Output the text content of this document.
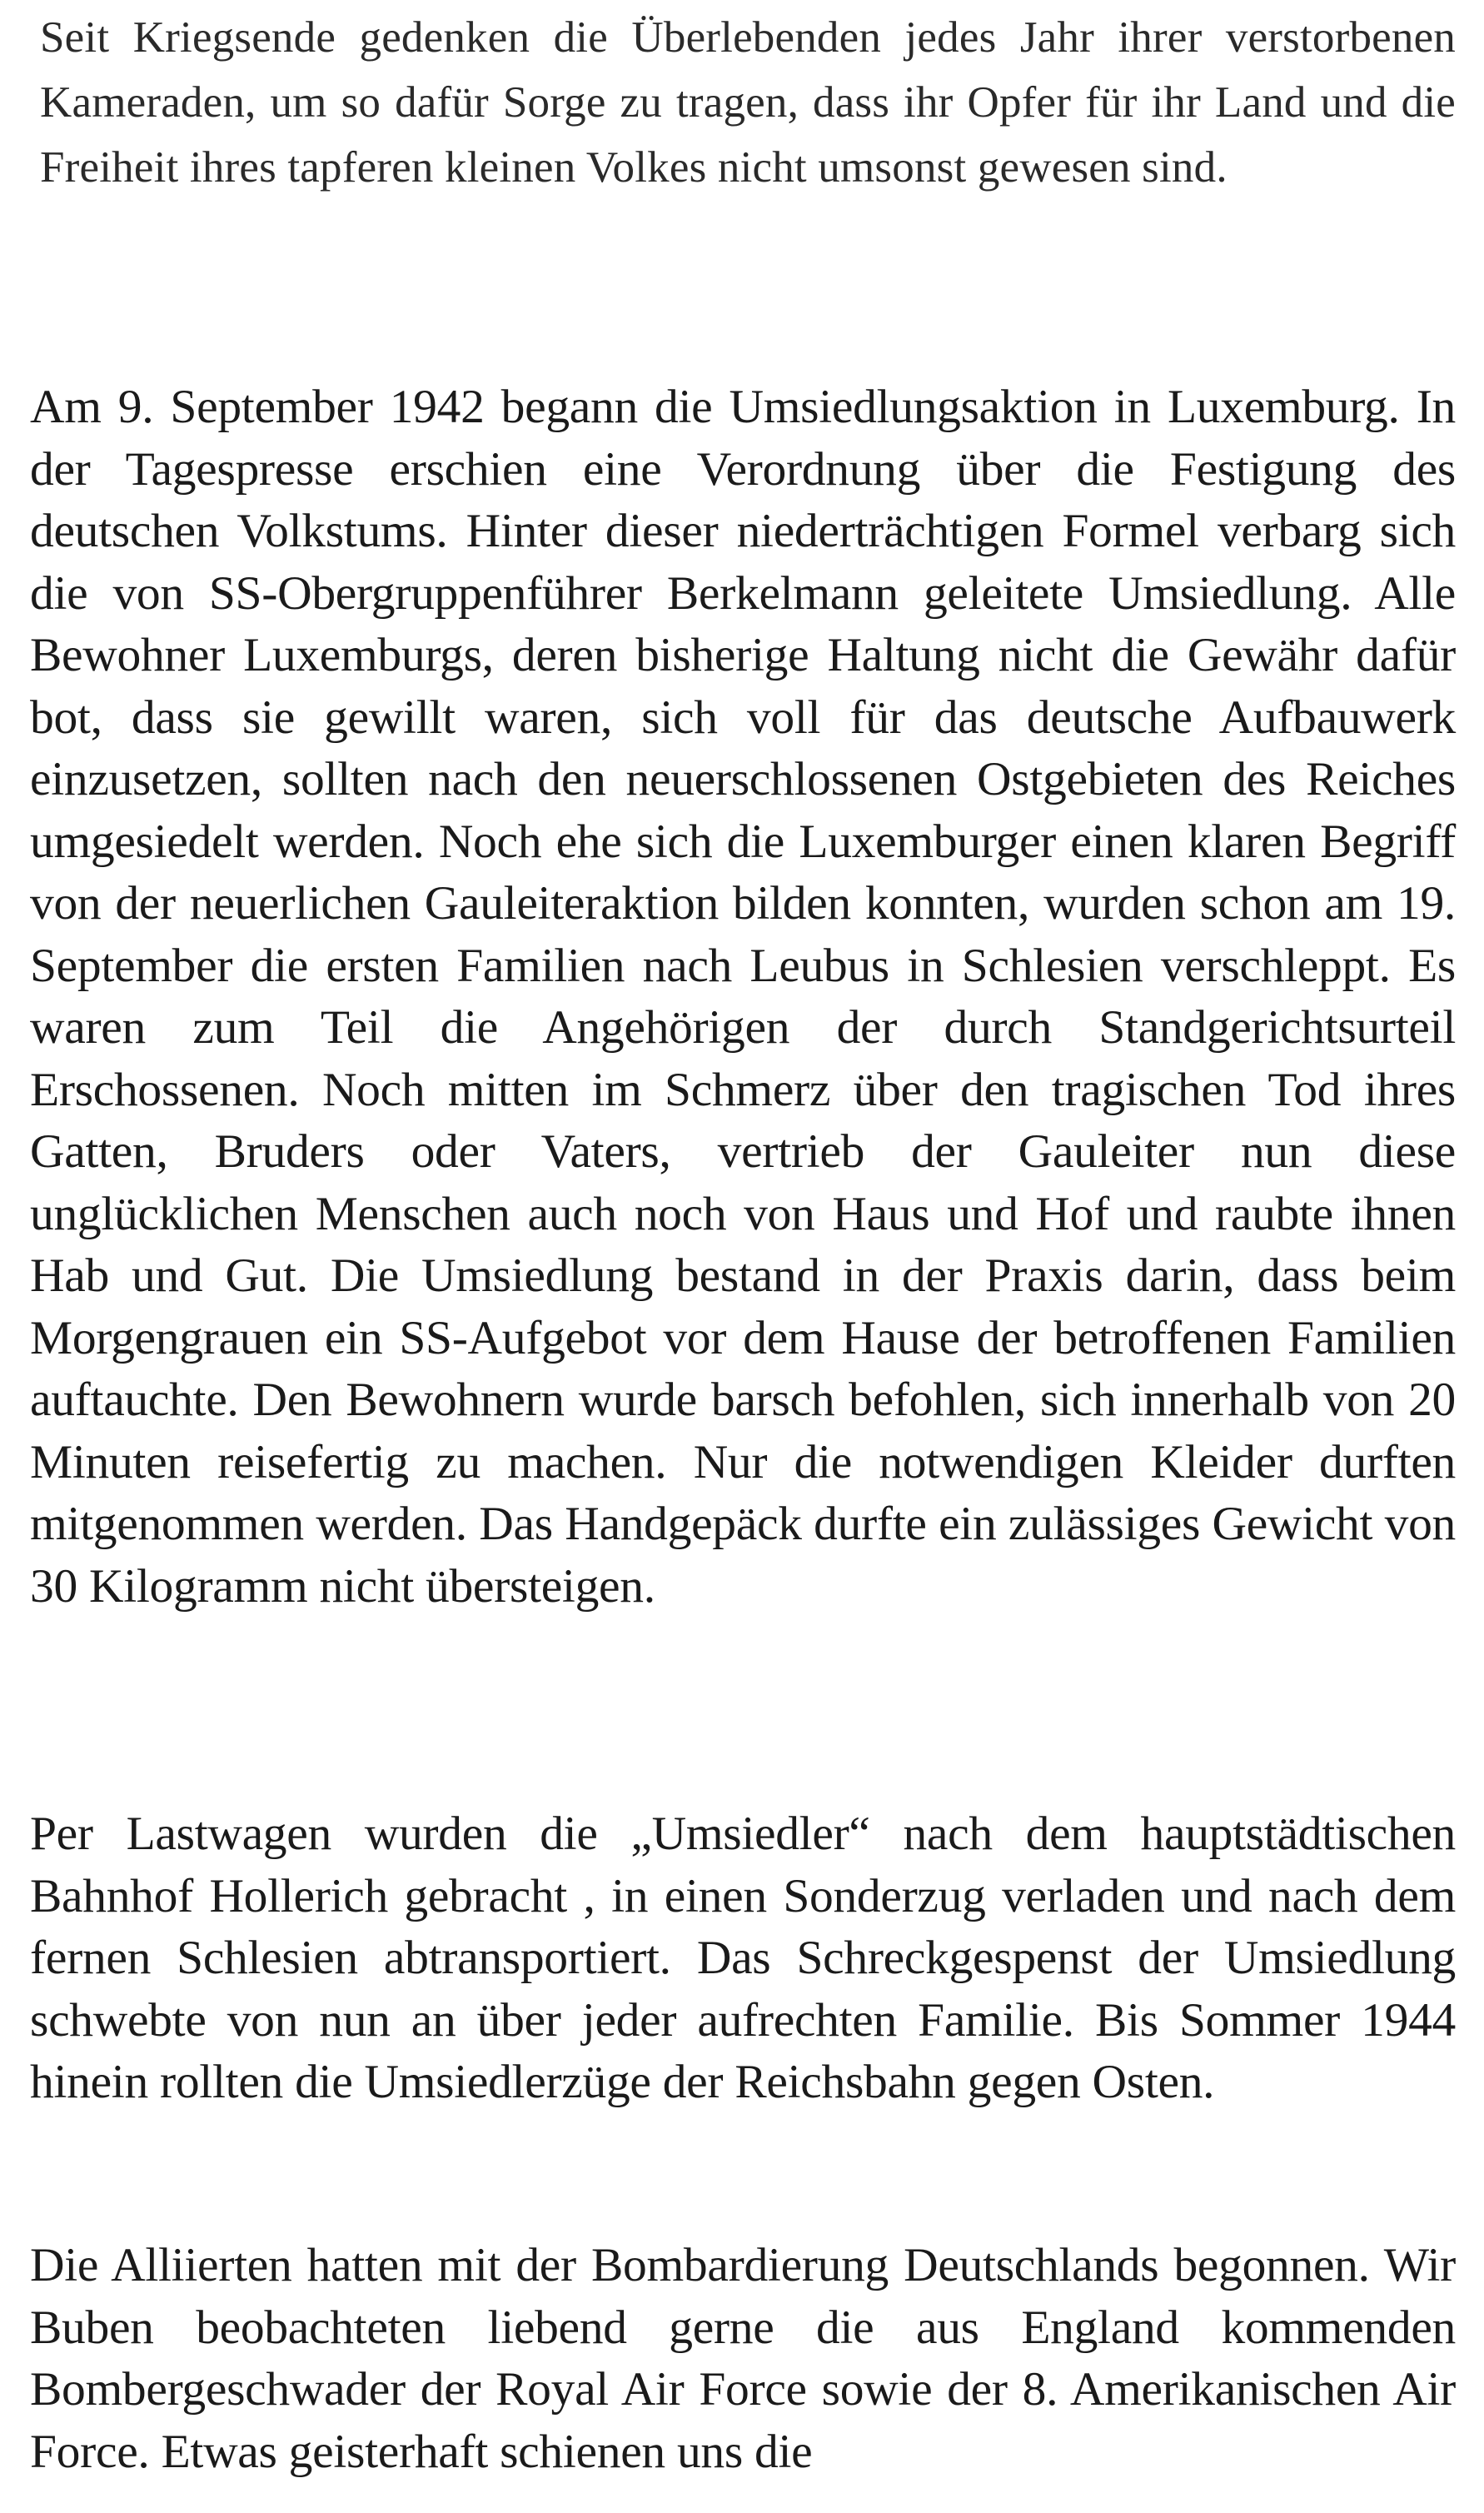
Seit Kriegsende gedenken die Überlebenden jedes Jahr ihrer verstorbenen Kameraden, um so dafür Sorge zu tragen, dass ihr Opfer für ihr Land und die Freiheit ihres tapferen kleinen Volkes nicht umsonst gewesen sind.

Am 9. September 1942 begann die Umsiedlungsaktion in Luxemburg. In der Tagespresse erschien eine Verordnung über die Festigung des deutschen Volkstums. Hinter dieser niederträchtigen Formel verbarg sich die von SS-Obergruppenführer Berkelmann geleitete Umsiedlung. Alle Bewohner Luxemburgs, deren bisherige Haltung nicht die Gewähr dafür bot, dass sie gewillt waren, sich voll für das deutsche Aufbauwerk einzusetzen, sollten nach den neuerschlossenen Ostgebieten des Reiches umgesiedelt werden. Noch ehe sich die Luxemburger einen klaren Begriff von der neuerlichen Gauleiteraktion bilden konnten, wurden schon am 19. September die ersten Familien nach Leubus in Schlesien verschleppt. Es waren zum Teil die Angehörigen der durch Standgerichtsurteil Erschossenen. Noch mitten im Schmerz über den tragischen Tod ihres Gatten, Bruders oder Vaters, vertrieb der Gauleiter nun diese unglücklichen Menschen auch noch von Haus und Hof und raubte ihnen Hab und Gut. Die Umsiedlung bestand in der Praxis darin, dass beim Morgengrauen ein SS-Aufgebot vor dem Hause der betroffenen Familien auftauchte. Den Bewohnern wurde barsch befohlen, sich innerhalb von 20 Minuten reisefertig zu machen. Nur die notwendigen Kleider durften mitgenommen werden. Das Handgepäck durfte ein zulässiges Gewicht von 30 Kilogramm nicht übersteigen.

Per Lastwagen wurden die „Umsiedler“ nach dem hauptstädtischen Bahnhof Hollerich gebracht , in einen Sonderzug verladen und nach dem fernen Schlesien abtransportiert. Das Schreckgespenst der Umsiedlung schwebte von nun an über jeder aufrechten Familie. Bis Sommer 1944 hinein rollten die Umsiedlerzüge der Reichsbahn gegen Osten.

Die Alliierten hatten mit der Bombardierung Deutschlands begonnen. Wir Buben beobachteten liebend gerne die aus England kommenden Bombergeschwader der Royal Air Force sowie der 8. Amerikanischen Air Force. Etwas geisterhaft schienen uns die
